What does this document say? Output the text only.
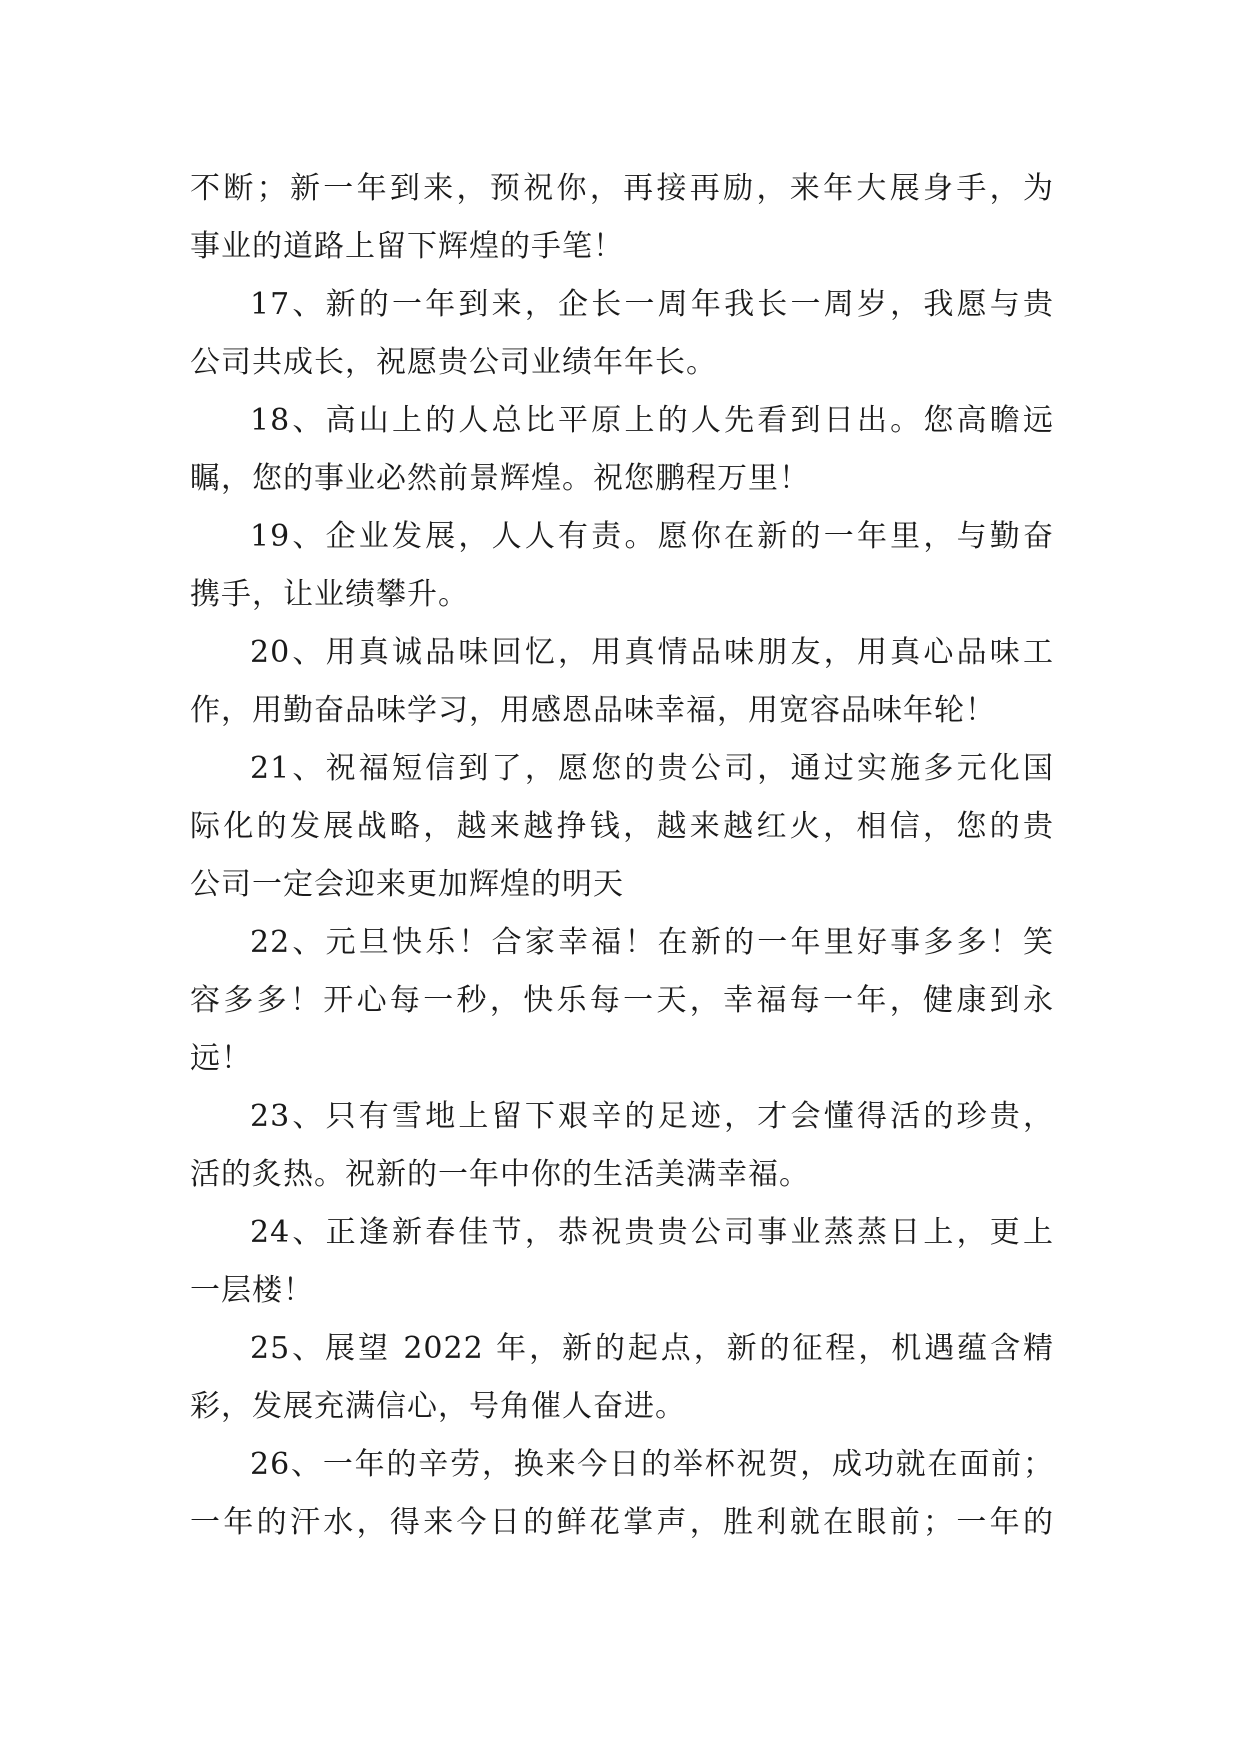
不断；新一年到来，预祝你，再接再励，来年大展身手，为
事业的道路上留下辉煌的手笔！

17、新的一年到来，企长一周年我长一周岁，我愿与贵
公司共成长，祝愿贵公司业绩年年长。

18、高山上的人总比平原上的人先看到日出。您高瞻远
瞩，您的事业必然前景辉煌。祝您鹏程万里！

19、企业发展，人人有责。愿你在新的一年里，与勤奋
携手，让业绩攀升。

20、用真诚品味回忆，用真情品味朋友，用真心品味工
作，用勤奋品味学习，用感恩品味幸福，用宽容品味年轮！

21、祝福短信到了，愿您的贵公司，通过实施多元化国
际化的发展战略，越来越挣钱，越来越红火，相信，您的贵
公司一定会迎来更加辉煌的明天

22、元旦快乐！合家幸福！在新的一年里好事多多！笑
容多多！开心每一秒，快乐每一天，幸福每一年，健康到永
远！

23、只有雪地上留下艰辛的足迹，才会懂得活的珍贵，
活的炙热。祝新的一年中你的生活美满幸福。

24、正逢新春佳节，恭祝贵贵公司事业蒸蒸日上，更上
一层楼！

25、展望 2022 年，新的起点，新的征程，机遇蕴含精
彩，发展充满信心，号角催人奋进。

26、一年的辛劳，换来今日的举杯祝贺，成功就在面前；
一年的汗水，得来今日的鲜花掌声，胜利就在眼前；一年的
